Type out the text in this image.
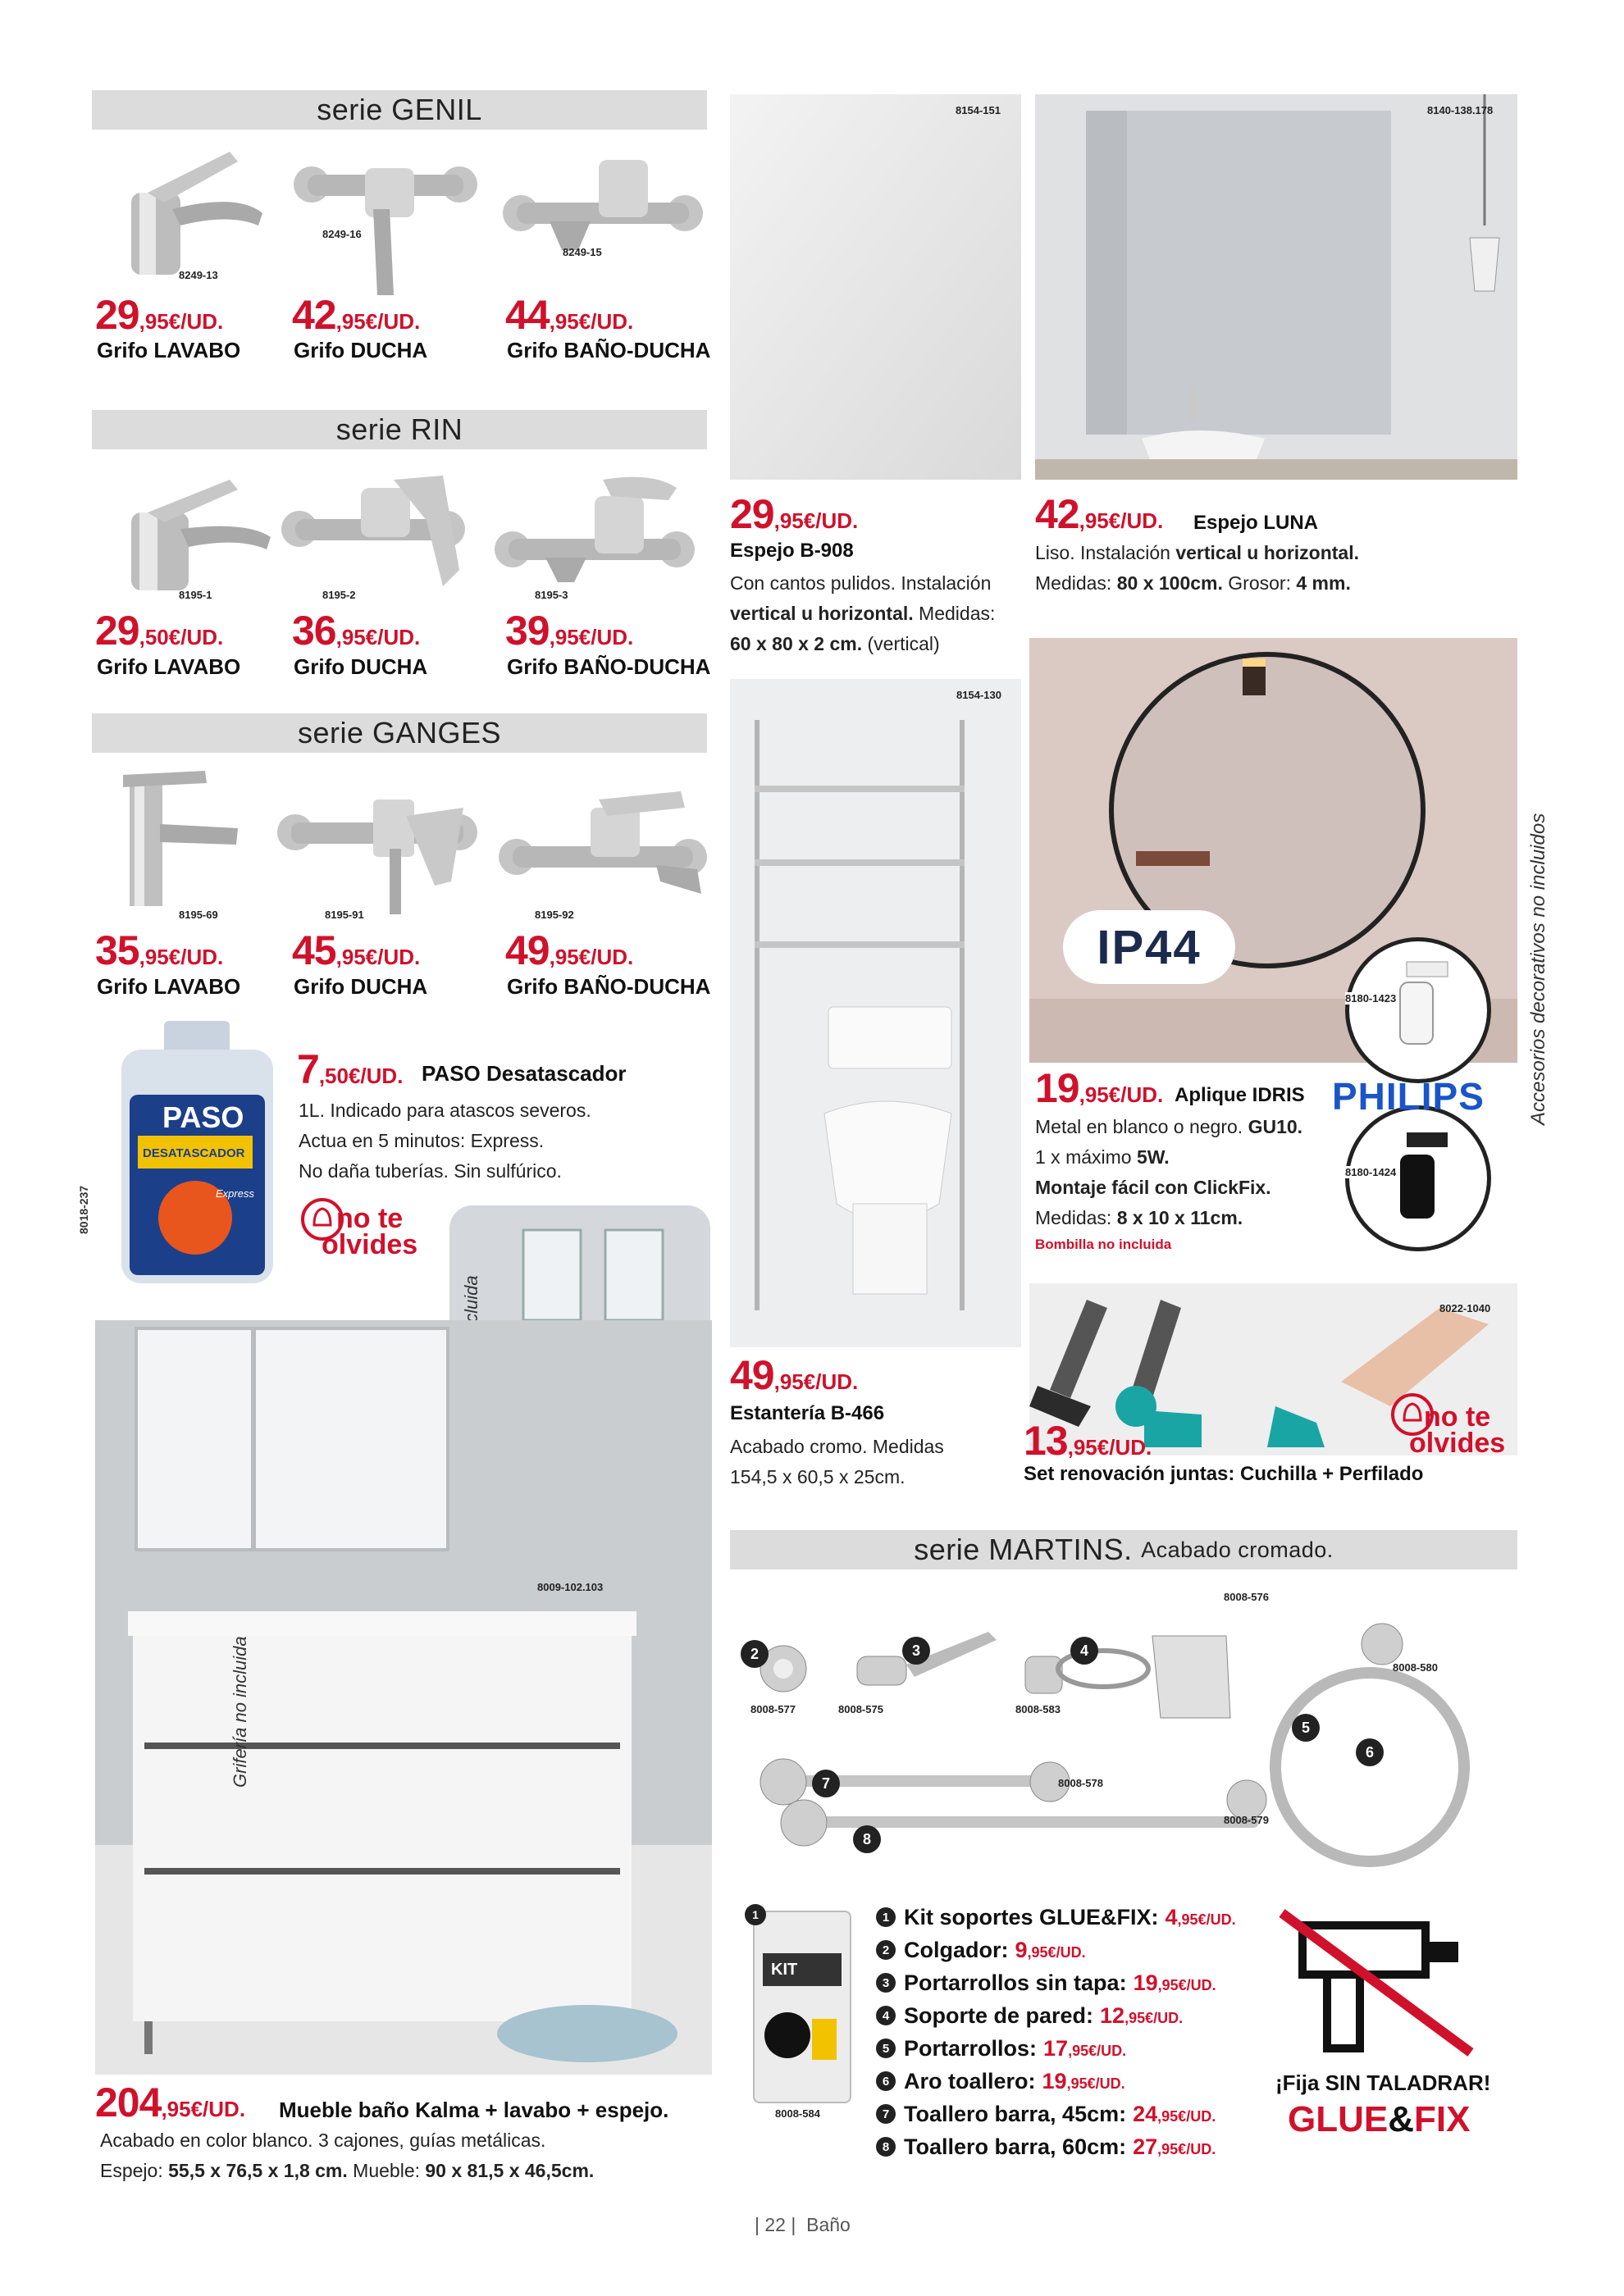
serie GENIL
8249-13
29,95€/UD.
Grifo LAVABO
8249-16
42,95€/UD.
Grifo DUCHA
8249-15
44,95€/UD.
Grifo BAÑO-DUCHA
serie RIN
8195-1
29,50€/UD.
Grifo LAVABO
8195-2
36,95€/UD.
Grifo DUCHA
8195-3
39,95€/UD.
Grifo BAÑO-DUCHA
serie GANGES
8195-69
35,95€/UD.
Grifo LAVABO
8195-91
45,95€/UD.
Grifo DUCHA
8195-92
49,95€/UD.
Grifo BAÑO-DUCHA
PASO
DESATASCADOR
Express
8018-237
7,50€/UD. PASO Desatascador
1L. Indicado para atascos severos.
Actua en 5 minutos: Express.
No daña tuberías. Sin sulfúrico.
no te
olvides
Grifería no incluida
8009-102.103
204,95€/UD. Mueble baño Kalma + lavabo + espejo.
Acabado en color blanco. 3 cajones, guías metálicas.
Espejo: 55,5 x 76,5 x 1,8 cm. Mueble: 90 x 81,5 x 46,5cm.
8154-151
29,95€/UD.
Espejo B-908
Con cantos pulidos. Instalación
vertical u horizontal. Medidas:
60 x 80 x 2 cm. (vertical)
8140-138.178
42,95€/UD. Espejo LUNA
Liso. Instalación vertical u horizontal.
Medidas: 80 x 100cm. Grosor: 4 mm.
8154-130
49,95€/UD.
Estantería B-466
Acabado cromo. Medidas
154,5 x 60,5 x 25cm.
IP44
8180-1423
8180-1424
19,95€/UD. Aplique IDRIS PHILIPS
Metal en blanco o negro. GU10.
1 x máximo 5W.
Montaje fácil con ClickFix.
Medidas: 8 x 10 x 11cm.
Bombilla no incluida
Accesorios decorativos no incluidos
8022-1040
no te
olvides
13,95€/UD.
Set renovación juntas: Cuchilla + Perfilado
serie MARTINS.
Acabado cromado.
2	3	4
5
6
7
8
8008-577	8008-575	8008-583
8008-576
8008-580
8008-578
8008-579
KIT
1
8008-584
1 Kit soportes GLUE&FIX: 4,95€/UD.
2 Colgador: 9,95€/UD.
3 Portarrollos sin tapa: 19,95€/UD.
4 Soporte de pared: 12,95€/UD.
5 Portarrollos: 17,95€/UD.
6 Aro toallero: 19,95€/UD.
7 Toallero barra, 45cm: 24,95€/UD.
8 Toallero barra, 60cm: 27,95€/UD.
¡Fija SIN TALADRAR!
GLUE&FIX
| 22 |  Baño
